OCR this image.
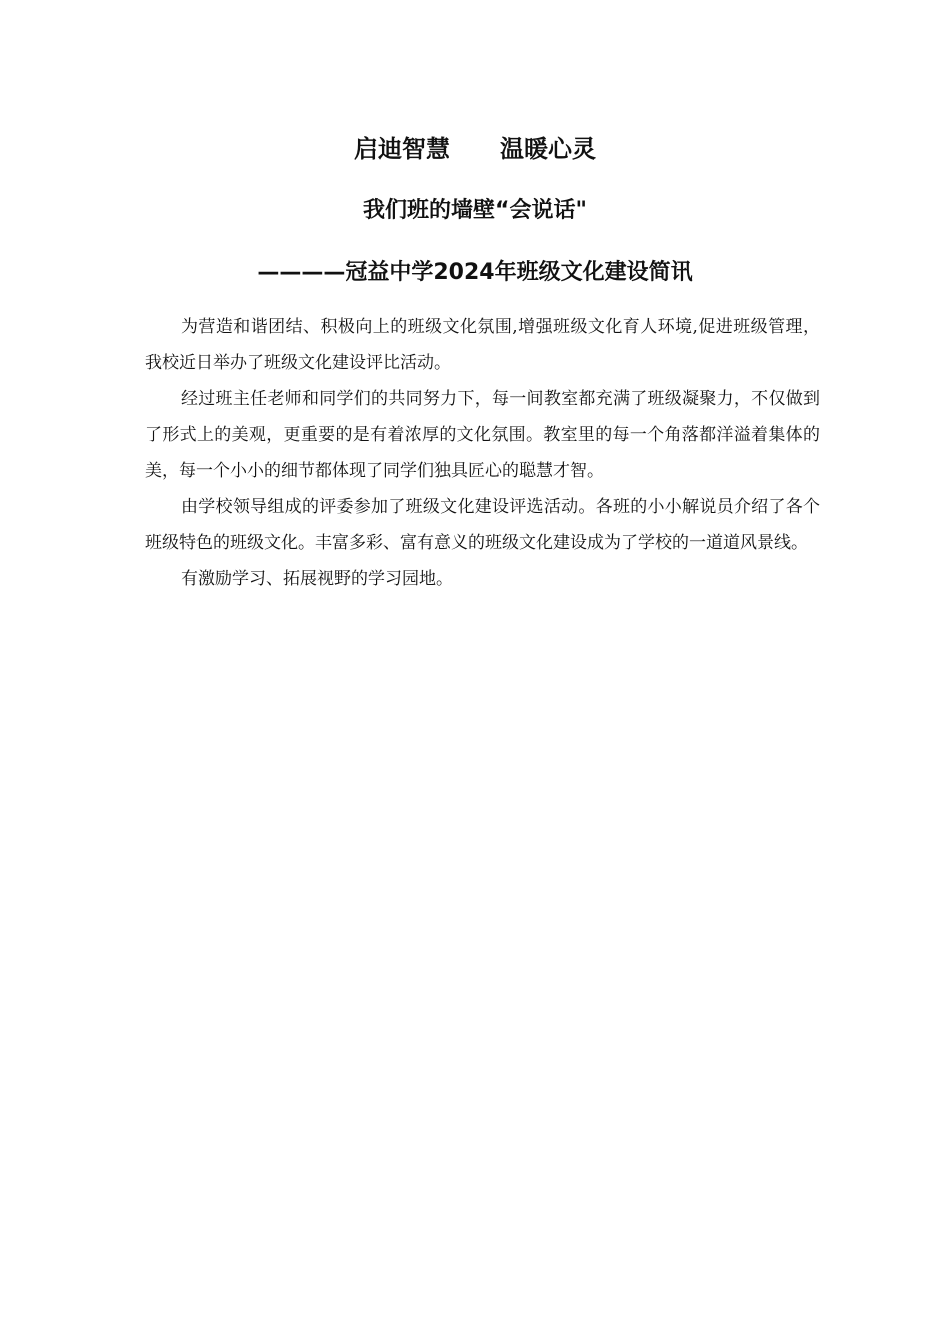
启迪智慧 温暖心灵
我们班的墙壁“会说话"
————冠益中学2024年班级文化建设简讯

为营造和谐团结、积极向上的班级文化氛围,增强班级文化育人环境,促进班级管理，我校近日举办了班级文化建设评比活动。

经过班主任老师和同学们的共同努力下，每一间教室都充满了班级凝聚力，不仅做到了形式上的美观，更重要的是有着浓厚的文化氛围。教室里的每一个角落都洋溢着集体的美，每一个小小的细节都体现了同学们独具匠心的聪慧才智。

由学校领导组成的评委参加了班级文化建设评选活动。各班的小小解说员介绍了各个班级特色的班级文化。丰富多彩、富有意义的班级文化建设成为了学校的一道道风景线。

有激励学习、拓展视野的学习园地。
